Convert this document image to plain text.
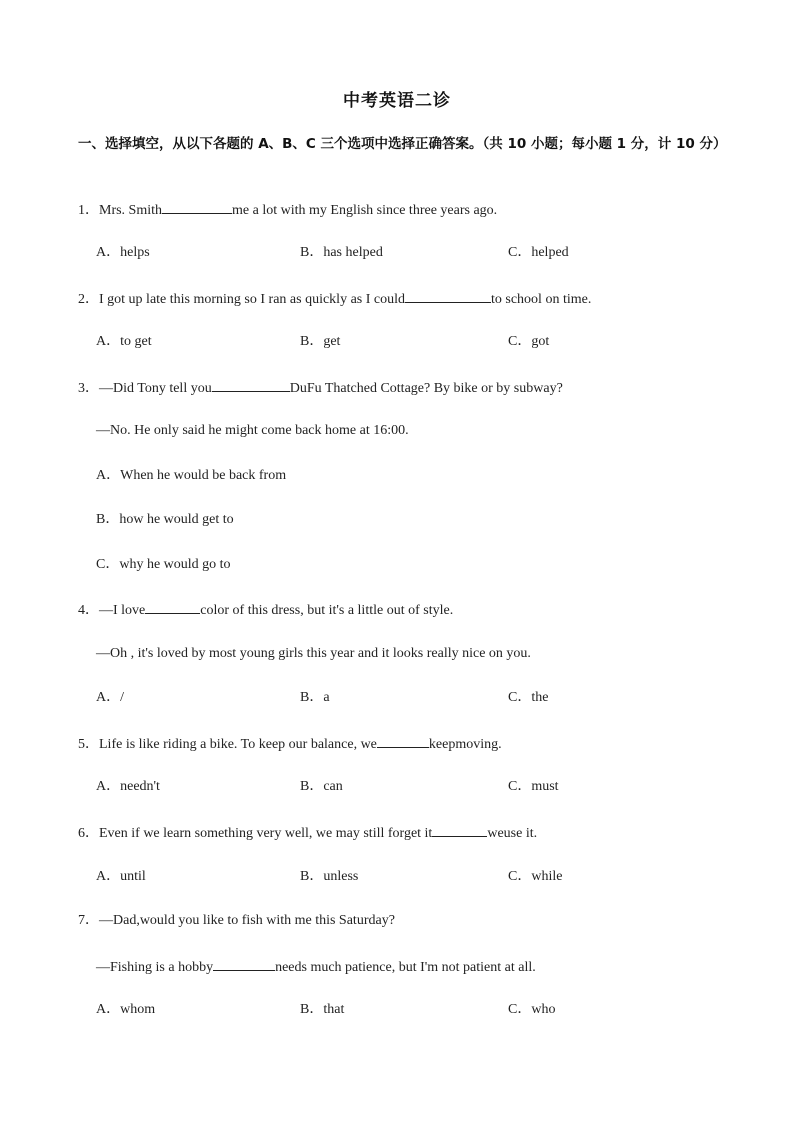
中考英语二诊
一、选择填空，从以下各题的 A、B、C 三个选项中选择正确答案。（共 10 小题；每小题 1 分，计 10 分）
1．Mrs. Smith	me a lot with my English since three years ago.
A．helps	B．has helped	C．helped
2．I got up late this morning so I ran as quickly as I could	to school on time.
A．to get	B．get	C．got
3．—Did Tony tell you	DuFu Thatched Cottage? By bike or by subway?
—No. He only said he might come back home at 16:00.
A．When he would be back from
B．how he would get to
C．why he would go to
4．—I love	color of this dress, but it's a little out of style.
—Oh , it's loved by most young girls this year and it looks really nice on you.
A．/	B．a	C．the
5．Life is like riding a bike. To keep our balance, we	keepmoving.
A．needn't	B．can	C．must
6．Even if we learn something very well, we may still forget it	weuse it.
A．until	B．unless	C．while
7．—Dad,would you like to fish with me this Saturday?
—Fishing is a hobby	needs much patience, but I'm not patient at all.
A．whom	B．that	C．who
